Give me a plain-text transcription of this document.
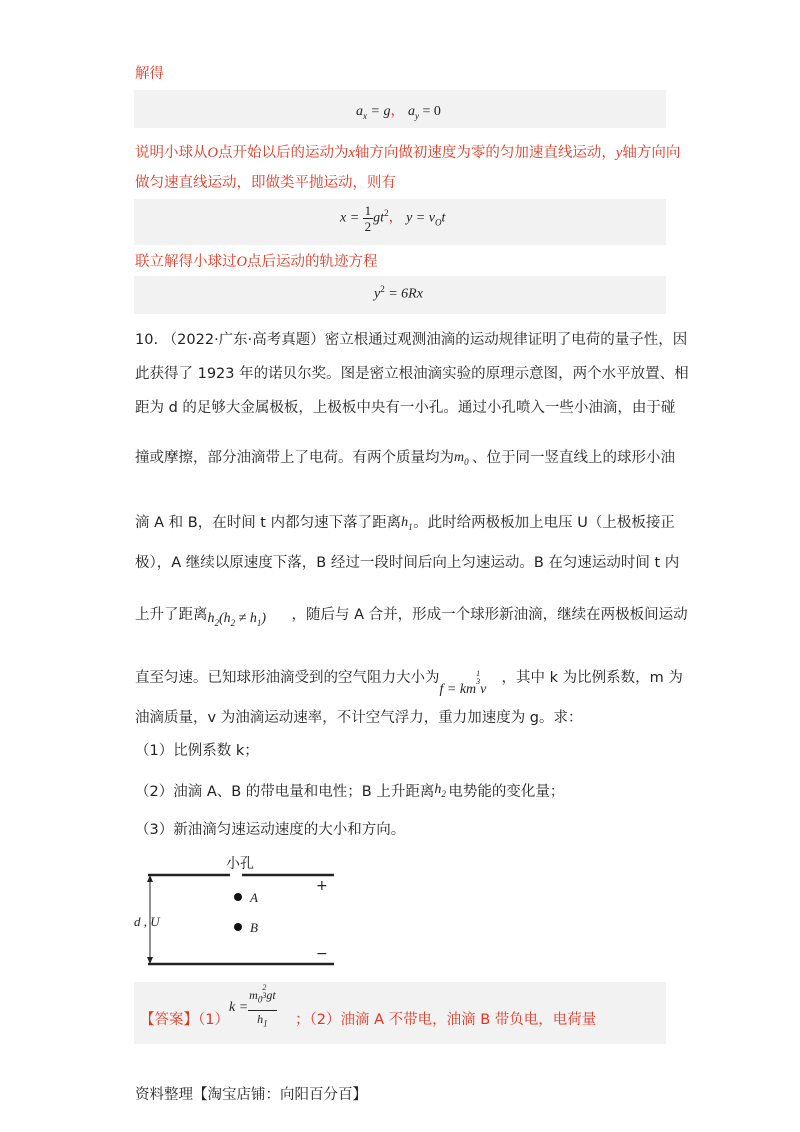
解得
$a_x = g$， $a_y = 0$
说明小球从O点开始以后的运动为x轴方向做初速度为零的匀加速直线运动，y轴方向向
做匀速直线运动，即做类平抛运动，则有
$x = \frac{1}{2} gt^2$， $y = v_Ot$
联立解得小球过O点后运动的轨迹方程
$y^2 = 6Rx$
10. （2022·广东·高考真题）密立根通过观测油滴的运动规律证明了电荷的量子性，因
此获得了 1923 年的诺贝尔奖。图是密立根油滴实验的原理示意图，两个水平放置、相
距为 d 的足够大金属极板，上极板中央有一小孔。通过小孔喷入一些小油滴，由于碰
撞或摩擦，部分油滴带上了电荷。有两个质量均为 $m_0$ 、位于同一竖直线上的球形小油
滴 A 和 B，在时间 t 内都匀速下落了距离 $h_1$ 。此时给两极板加上电压 U（上极板接正
极），A 继续以原速度下落，B 经过一段时间后向上匀速运动。B 在匀速运动时间 t 内
上升了距离 $h_2(h_2 \ne h_1)$ ，随后与 A 合并，形成一个球形新油滴，继续在两极板间运动
直至匀速。已知球形油滴受到的空气阻力大小为
f = km
1
3
v
，其中 k 为比例系数，m 为
油滴质量，v 为油滴运动速率，不计空气浮力，重力加速度为 g。求：
（1）比例系数 k；
（2）油滴 A、B 的带电量和电性；B 上升距离 $h_2$ 电势能的变化量；
（3）新油滴匀速运动速度的大小和方向。
小孔
A
B
+
−
d , U
【答案】（1）
$k = m_0$
2
3 gt
$h_1$ ；（2）油滴 A 不带电，油滴 B 带负电，电荷量
资料整理【淘宝店铺：向阳百分百】
